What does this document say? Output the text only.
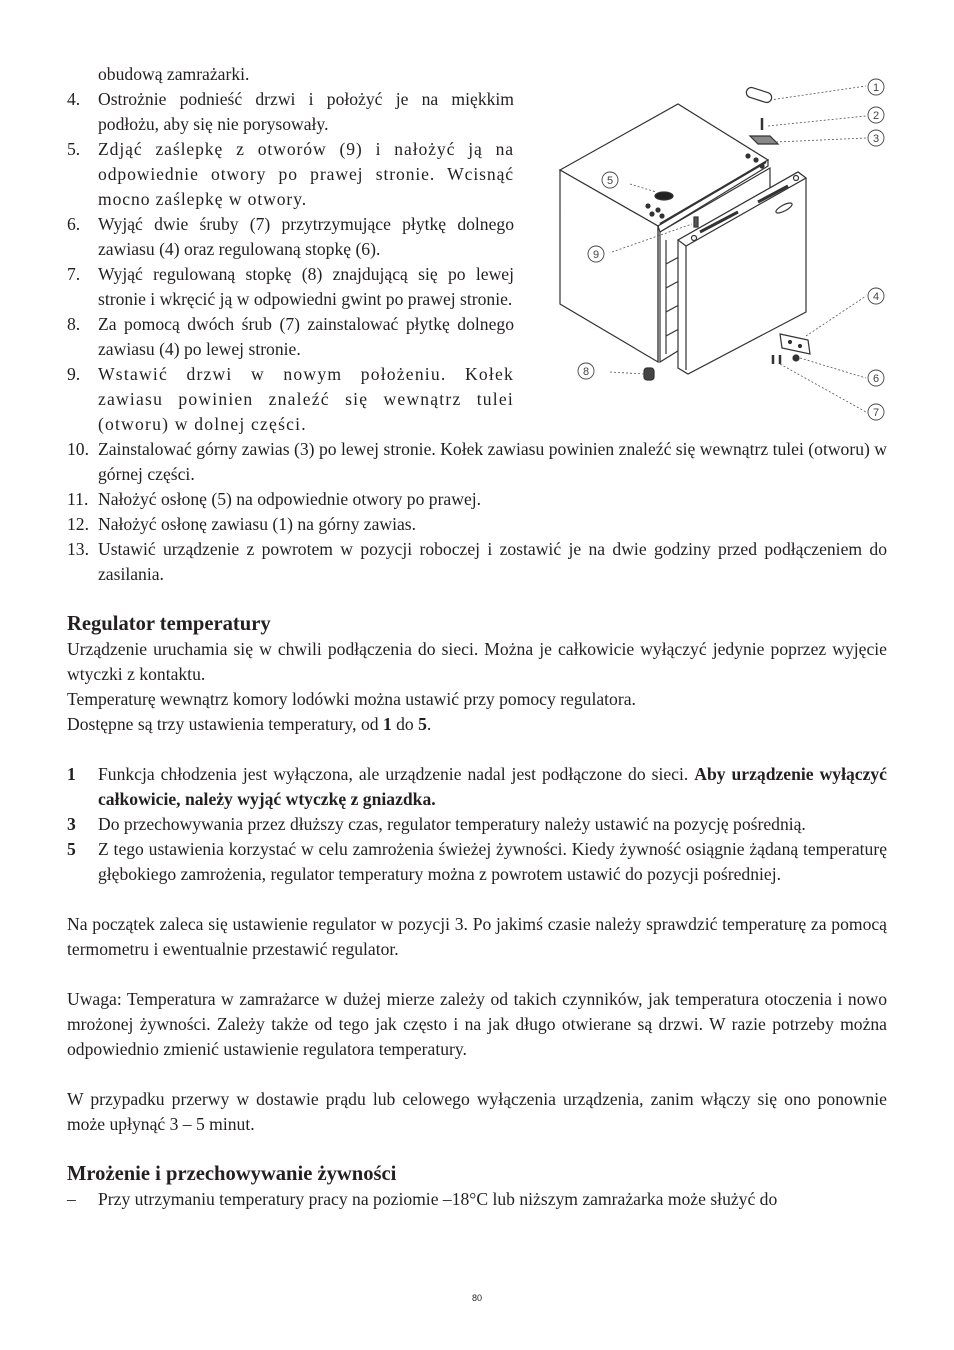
1
2
3
4
5
6
7
8
9
obudową zamrażarki.
4.	Ostrożnie podnieść drzwi i położyć je na miękkim podłożu, aby się nie porysowały.
5.	Zdjąć zaślepkę z otworów (9) i nałożyć ją na odpowiednie otwory po prawej stronie. Wcisnąć mocno zaślepkę w otwory.
6.	Wyjąć dwie śruby (7) przytrzymujące płytkę dolnego zawiasu (4) oraz regulowaną stopkę (6).
7.	Wyjąć regulowaną stopkę (8) znajdującą się po lewej stronie i wkręcić ją w odpowiedni gwint po prawej stronie.
8.	Za pomocą dwóch śrub (7) zainstalować płytkę dolnego zawiasu (4) po lewej stronie.
9.	Wstawić drzwi w nowym położeniu. Kołek zawiasu powinien znaleźć się wewnątrz tulei (otworu) w dolnej części.
10. Zainstalować górny zawias (3) po lewej stronie. Kołek zawiasu powinien znaleźć się wewnątrz tulei (otworu) w górnej części.
11. Nałożyć osłonę (5) na odpowiednie otwory po prawej.
12. Nałożyć osłonę zawiasu (1) na górny zawias.
13. Ustawić urządzenie z powrotem w pozycji roboczej i zostawić je na dwie godziny przed podłączeniem do zasilania.
Regulator temperatury

Urządzenie uruchamia się w chwili podłączenia do sieci. Można je całkowicie wyłączyć jedynie poprzez wyjęcie wtyczki z kontaktu.

Temperaturę wewnątrz komory lodówki można ustawić przy pomocy regulatora.

Dostępne są trzy ustawienia temperatury, od 1 do 5.

1	Funkcja chłodzenia jest wyłączona, ale urządzenie nadal jest podłączone do sieci. Aby urządzenie wyłączyć całkowicie, należy wyjąć wtyczkę z gniazdka.
3	Do przechowywania przez dłuższy czas, regulator temperatury należy ustawić na pozycję pośrednią.
5	Z tego ustawienia korzystać w celu zamrożenia świeżej żywności. Kiedy żywność osiągnie żądaną temperaturę głębokiego zamrożenia, regulator temperatury można z powrotem ustawić do pozycji pośredniej.

Na początek zaleca się ustawienie regulator w pozycji 3. Po jakimś czasie należy sprawdzić temperaturę za pomocą termometru i ewentualnie przestawić regulator.

Uwaga: Temperatura w zamrażarce w dużej mierze zależy od takich czynników, jak temperatura otoczenia i nowo mrożonej żywności. Zależy także od tego jak często i na jak długo otwierane są drzwi. W razie potrzeby można odpowiednio zmienić ustawienie regulatora temperatury.

W przypadku przerwy w dostawie prądu lub celowego wyłączenia urządzenia, zanim włączy się ono ponownie może upłynąć 3 – 5 minut.

Mrożenie i przechowywanie żywności
–	Przy utrzymaniu temperatury pracy na poziomie –18°C lub niższym zamrażarka może służyć do
80
